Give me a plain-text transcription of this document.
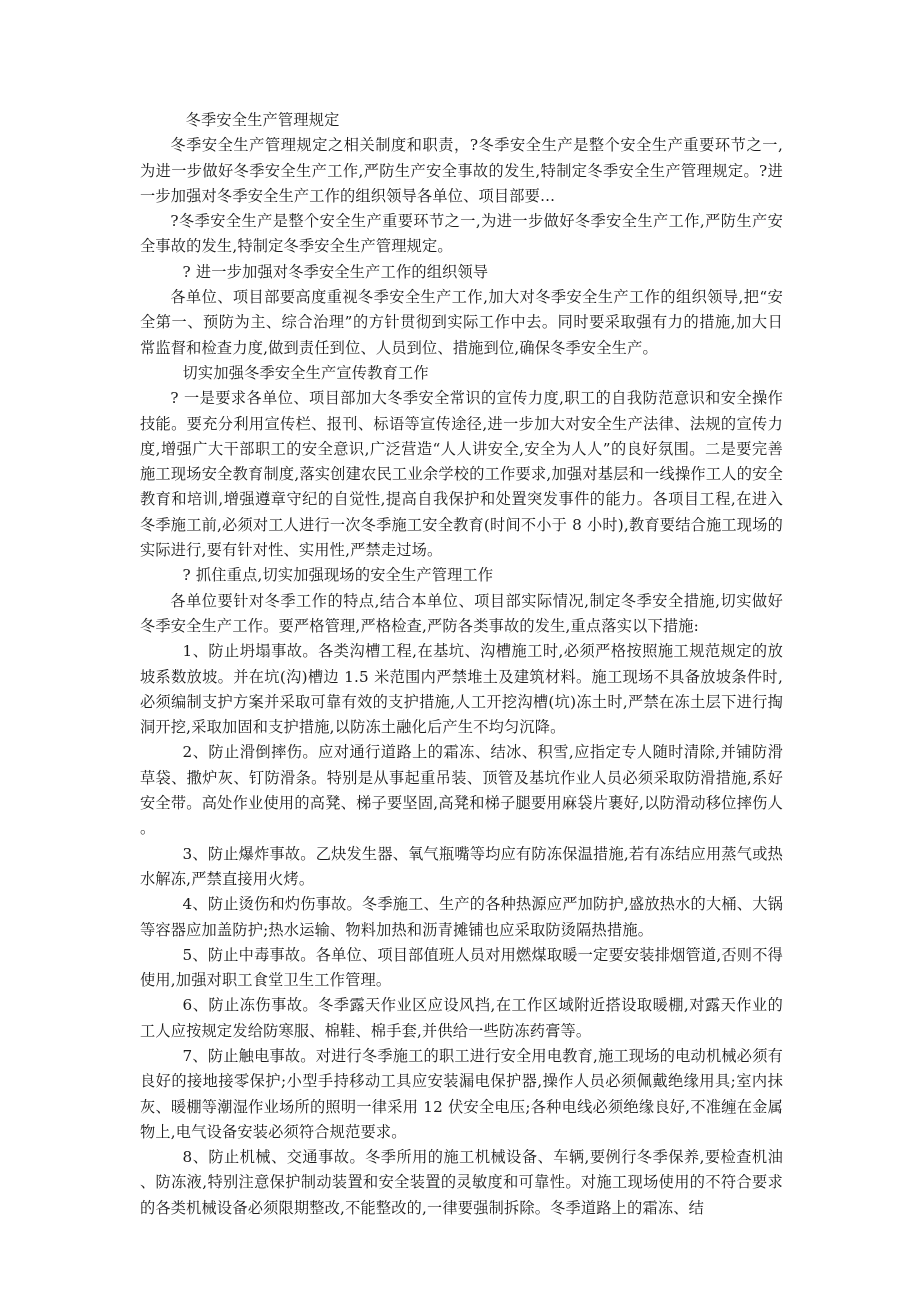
冬季安全生产管理规定

冬季安全生产管理规定之相关制度和职责，?冬季安全生产是整个安全生产重要环节之一,为进一步做好冬季安全生产工作,严防生产安全事故的发生,特制定冬季安全生产管理规定。?进一步加强对冬季安全生产工作的组织领导各单位、项目部要...

?冬季安全生产是整个安全生产重要环节之一,为进一步做好冬季安全生产工作,严防生产安全事故的发生,特制定冬季安全生产管理规定。

? 进一步加强对冬季安全生产工作的组织领导

各单位、项目部要高度重视冬季安全生产工作,加大对冬季安全生产工作的组织领导,把“安全第一、预防为主、综合治理”的方针贯彻到实际工作中去。同时要采取强有力的措施,加大日常监督和检查力度,做到责任到位、人员到位、措施到位,确保冬季安全生产。

切实加强冬季安全生产宣传教育工作

? 一是要求各单位、项目部加大冬季安全常识的宣传力度,职工的自我防范意识和安全操作技能。要充分利用宣传栏、报刊、标语等宣传途径,进一步加大对安全生产法律、法规的宣传力度,增强广大干部职工的安全意识,广泛营造“人人讲安全,安全为人人”的良好氛围。二是要完善施工现场安全教育制度,落实创建农民工业余学校的工作要求,加强对基层和一线操作工人的安全教育和培训,增强遵章守纪的自觉性,提高自我保护和处置突发事件的能力。各项目工程,在进入冬季施工前,必须对工人进行一次冬季施工安全教育(时间不小于 8 小时),教育要结合施工现场的实际进行,要有针对性、实用性,严禁走过场。

? 抓住重点,切实加强现场的安全生产管理工作

各单位要针对冬季工作的特点,结合本单位、项目部实际情况,制定冬季安全措施,切实做好冬季安全生产工作。要严格管理,严格检查,严防各类事故的发生,重点落实以下措施:

1、防止坍塌事故。各类沟槽工程,在基坑、沟槽施工时,必须严格按照施工规范规定的放坡系数放坡。并在坑(沟)槽边 1.5 米范围内严禁堆土及建筑材料。施工现场不具备放坡条件时,必须编制支护方案并采取可靠有效的支护措施,人工开挖沟槽(坑)冻土时,严禁在冻土层下进行掏洞开挖,采取加固和支护措施,以防冻土融化后产生不均匀沉降。

2、防止滑倒摔伤。应对通行道路上的霜冻、结冰、积雪,应指定专人随时清除,并铺防滑草袋、撒炉灰、钉防滑条。特别是从事起重吊装、顶管及基坑作业人员必须采取防滑措施,系好安全带。高处作业使用的高凳、梯子要坚固,高凳和梯子腿要用麻袋片裹好,以防滑动移位摔伤人。

3、防止爆炸事故。乙炔发生器、氧气瓶嘴等均应有防冻保温措施,若有冻结应用蒸气或热水解冻,严禁直接用火烤。

4、防止烫伤和灼伤事故。冬季施工、生产的各种热源应严加防护,盛放热水的大桶、大锅等容器应加盖防护;热水运输、物料加热和沥青摊铺也应采取防烫隔热措施。

5、防止中毒事故。各单位、项目部值班人员对用燃煤取暖一定要安装排烟管道,否则不得使用,加强对职工食堂卫生工作管理。

6、防止冻伤事故。冬季露天作业区应设风挡,在工作区域附近搭设取暖棚,对露天作业的工人应按规定发给防寒服、棉鞋、棉手套,并供给一些防冻药膏等。

7、防止触电事故。对进行冬季施工的职工进行安全用电教育,施工现场的电动机械必须有良好的接地接零保护;小型手持移动工具应安装漏电保护器,操作人员必须佩戴绝缘用具;室内抹灰、暖棚等潮湿作业场所的照明一律采用 12 伏安全电压;各种电线必须绝缘良好,不准缠在金属物上,电气设备安装必须符合规范要求。

8、防止机械、交通事故。冬季所用的施工机械设备、车辆,要例行冬季保养,要检查机油、防冻液,特别注意保护制动装置和安全装置的灵敏度和可靠性。对施工现场使用的不符合要求的各类机械设备必须限期整改,不能整改的,一律要强制拆除。冬季道路上的霜冻、结
